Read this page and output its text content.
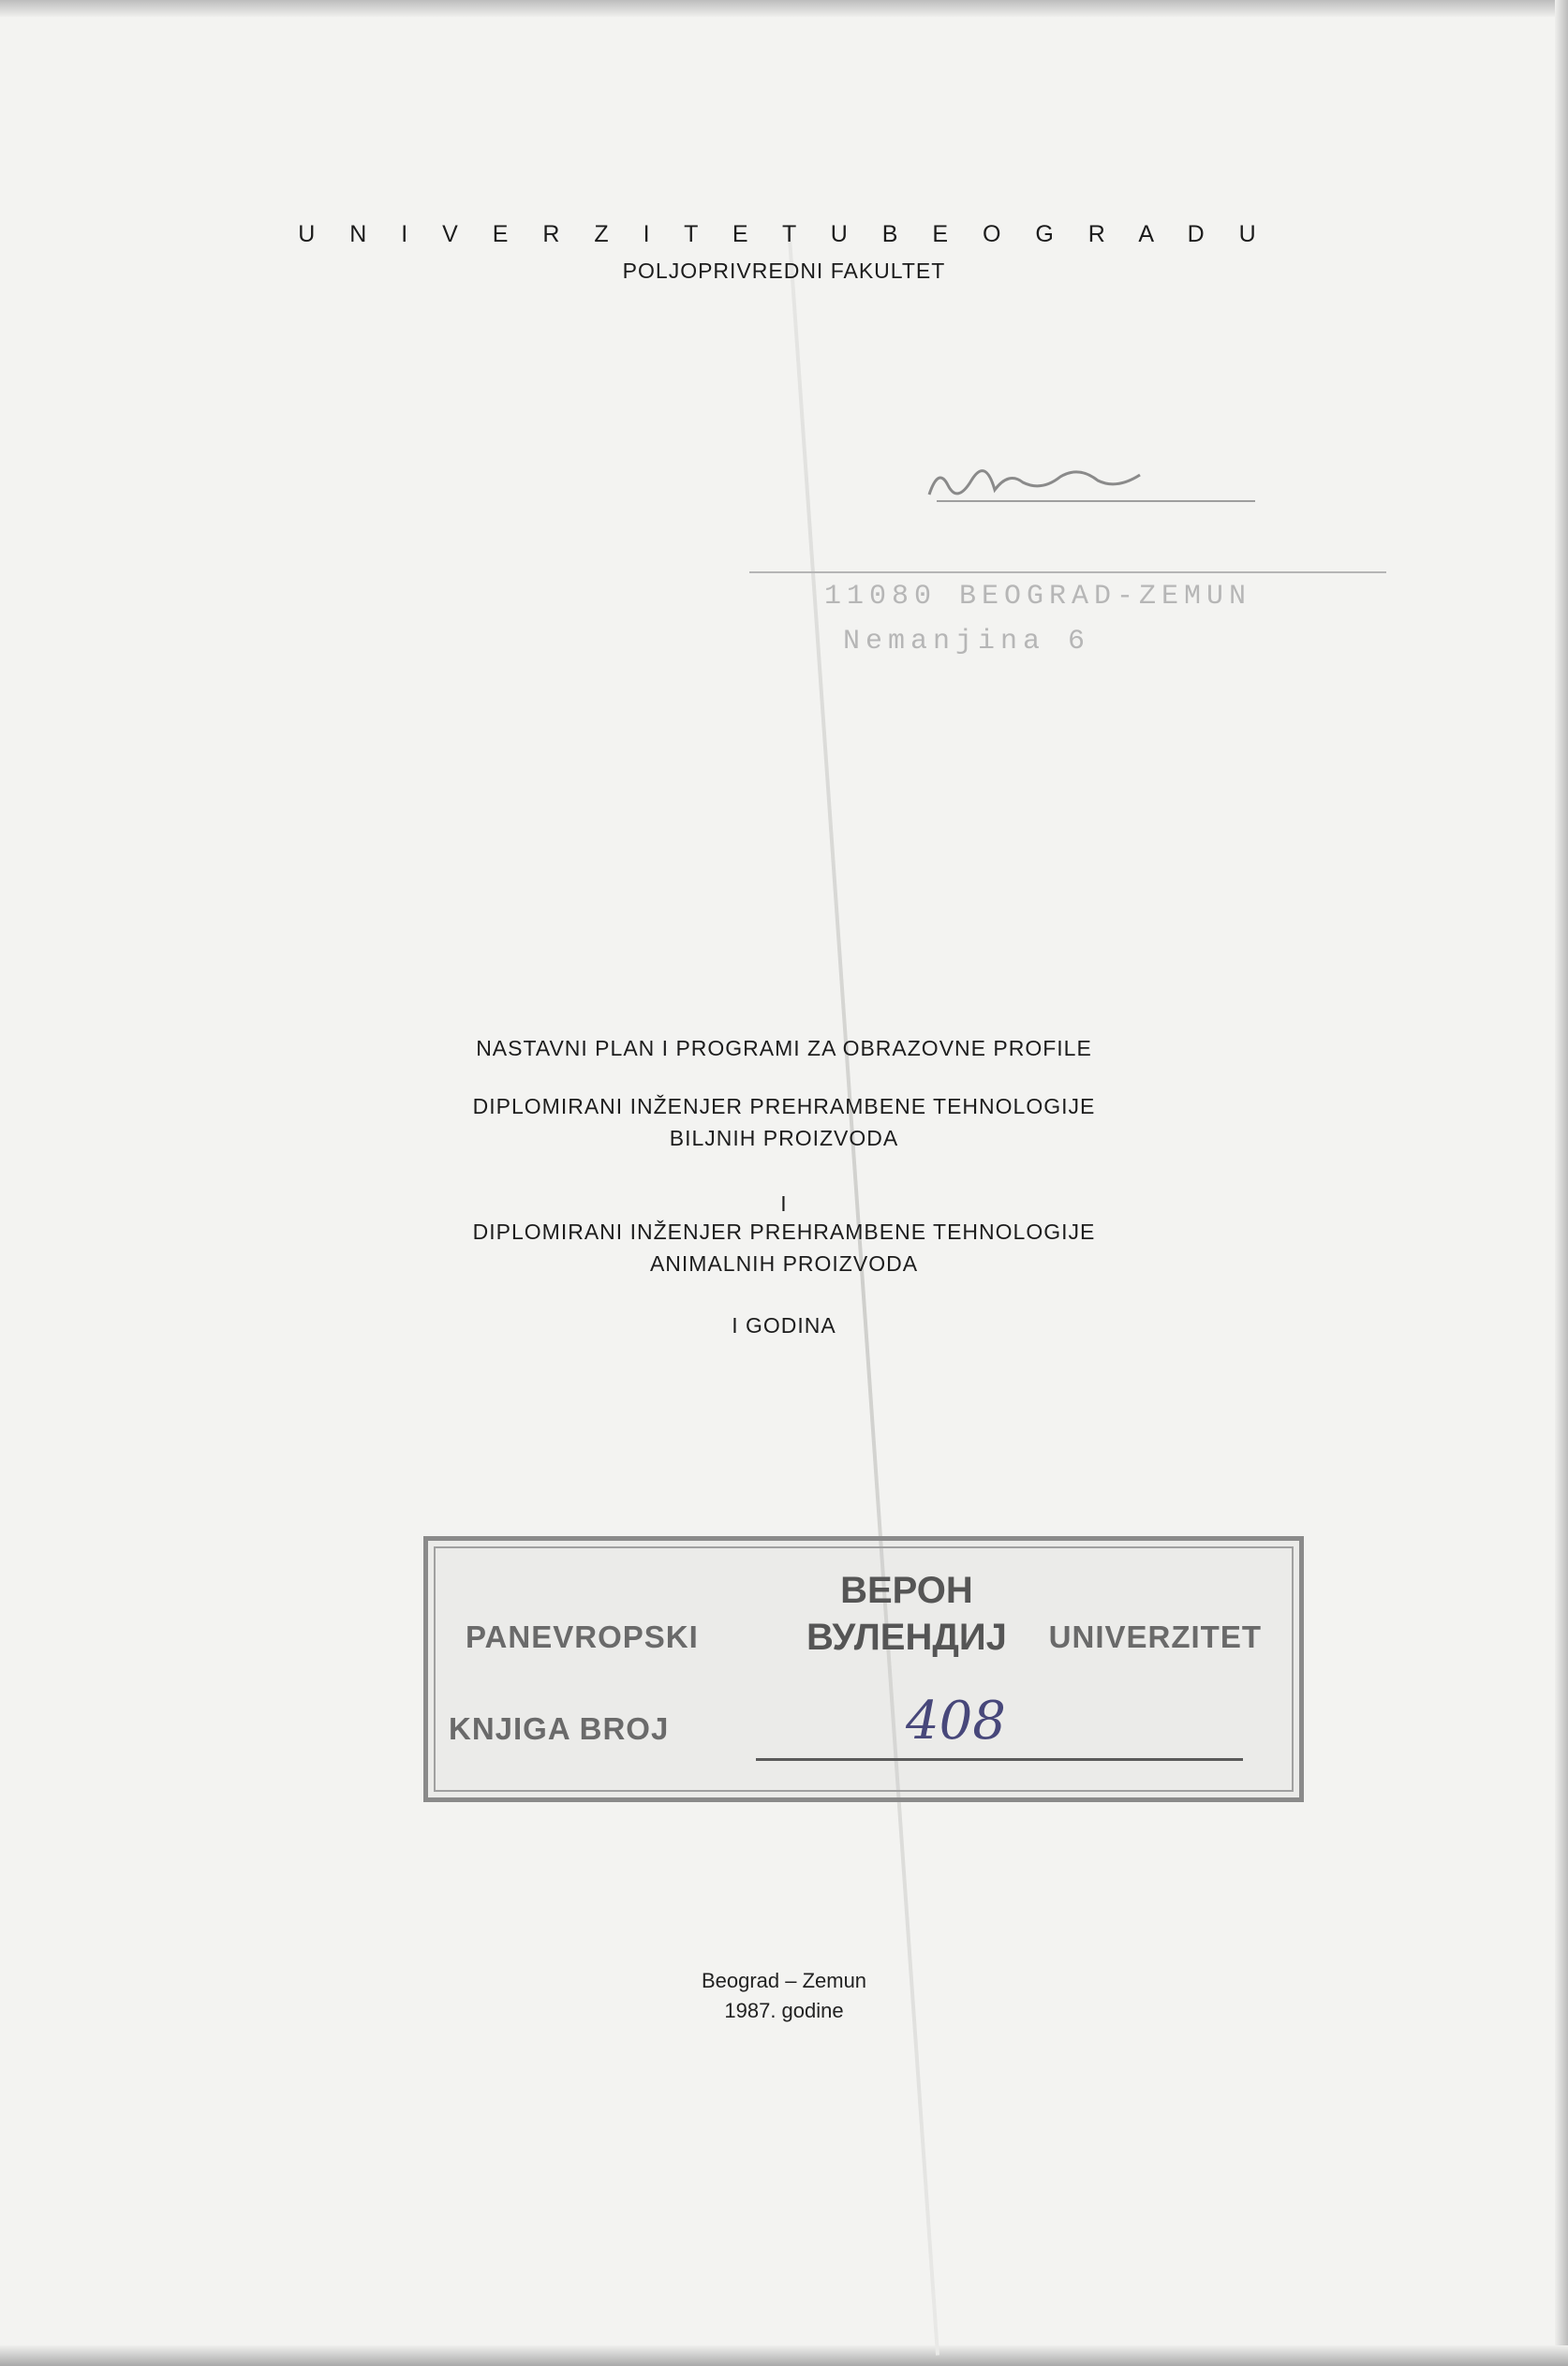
U N I V E R Z I T E T U B E O G R A D U
POLJOPRIVREDNI FAKULTET
11080 BEOGRAD-ZEMUN
Nemanjina 6
NASTAVNI PLAN I PROGRAMI ZA OBRAZOVNE PROFILE
DIPLOMIRANI INŽENJER PREHRAMBENE TEHNOLOGIJE
BILJNIH PROIZVODA
I
DIPLOMIRANI INŽENJER PREHRAMBENE TEHNOLOGIJE
ANIMALNIH PROIZVODA
I GODINA
PANEVROPSKI
ВЕРОН
ВУЛЕНДИЈ UNIVERZITET
KNJIGA BROJ	408
Beograd – Zemun
1987. godine
